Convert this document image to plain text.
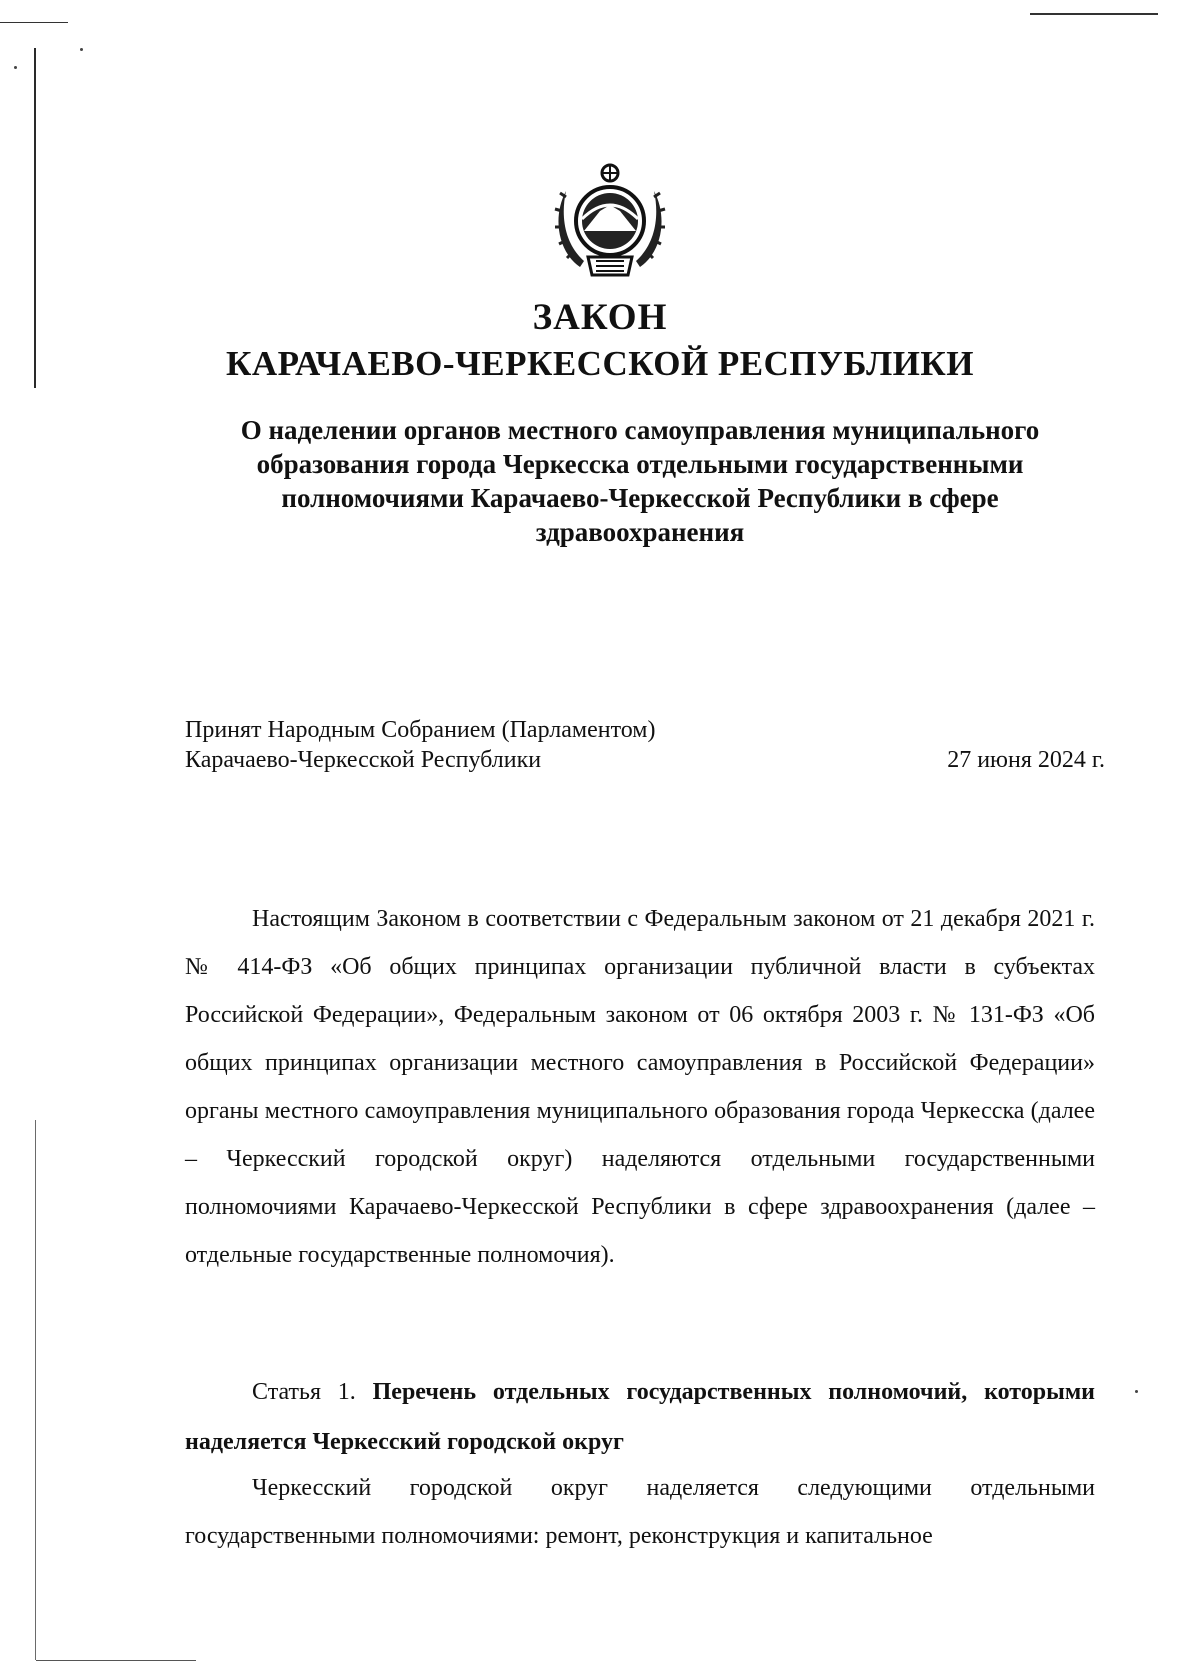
ЗАКОН
КАРАЧАЕВО-ЧЕРКЕССКОЙ РЕСПУБЛИКИ
О наделении органов местного самоуправления муниципального образования города Черкесска отдельными государственными полномочиями Карачаево-Черкесской Республики в сфере здравоохранения
Принят Народным Собранием (Парламентом)
Карачаево-Черкесской Республики	27 июня 2024 г.
Настоящим Законом в соответствии с Федеральным законом от 21 декабря 2021 г. № 414-ФЗ «Об общих принципах организации публичной власти в субъектах Российской Федерации», Федеральным законом от 06 октября 2003 г. № 131-ФЗ «Об общих принципах организации местного самоуправления в Российской Федерации» органы местного самоуправления муниципального образования города Черкесска (далее – Черкесский городской округ) наделяются отдельными государственными полномочиями Карачаево-Черкесской Республики в сфере здравоохранения (далее – отдельные государственные полномочия).
Статья 1. Перечень отдельных государственных полномочий, которыми наделяется Черкесский городской округ
Черкесский городской округ наделяется следующими отдельными государственными полномочиями: ремонт, реконструкция и капитальное
